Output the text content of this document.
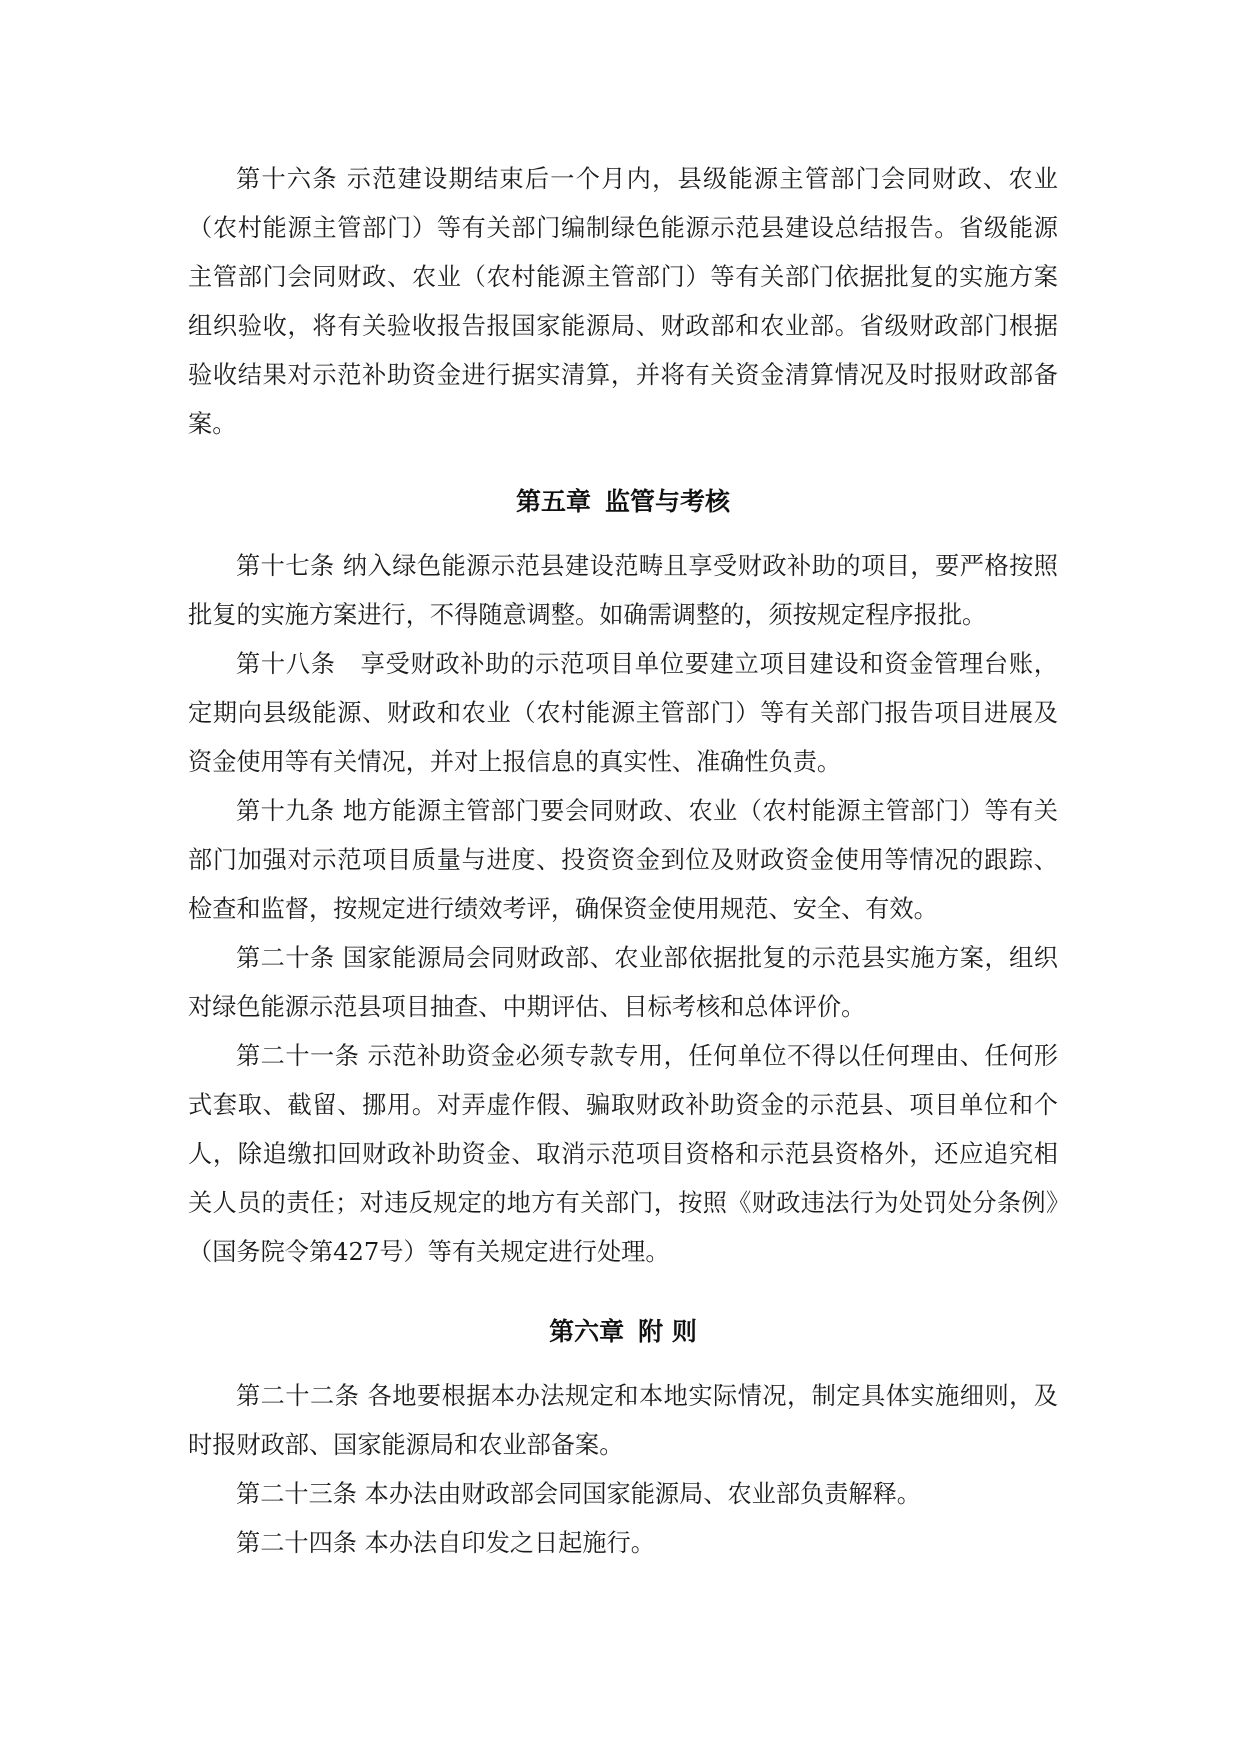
第十六条 示范建设期结束后一个月内，县级能源主管部门会同财政、农业（农村能源主管部门）等有关部门编制绿色能源示范县建设总结报告。省级能源主管部门会同财政、农业（农村能源主管部门）等有关部门依据批复的实施方案组织验收，将有关验收报告报国家能源局、财政部和农业部。省级财政部门根据验收结果对示范补助资金进行据实清算，并将有关资金清算情况及时报财政部备案。

第五章 监管与考核

第十七条 纳入绿色能源示范县建设范畴且享受财政补助的项目，要严格按照批复的实施方案进行，不得随意调整。如确需调整的，须按规定程序报批。

第十八条　享受财政补助的示范项目单位要建立项目建设和资金管理台账，定期向县级能源、财政和农业（农村能源主管部门）等有关部门报告项目进展及资金使用等有关情况，并对上报信息的真实性、准确性负责。

第十九条 地方能源主管部门要会同财政、农业（农村能源主管部门）等有关部门加强对示范项目质量与进度、投资资金到位及财政资金使用等情况的跟踪、检查和监督，按规定进行绩效考评，确保资金使用规范、安全、有效。

第二十条 国家能源局会同财政部、农业部依据批复的示范县实施方案，组织对绿色能源示范县项目抽查、中期评估、目标考核和总体评价。

第二十一条 示范补助资金必须专款专用，任何单位不得以任何理由、任何形式套取、截留、挪用。对弄虚作假、骗取财政补助资金的示范县、项目单位和个人，除追缴扣回财政补助资金、取消示范项目资格和示范县资格外，还应追究相关人员的责任；对违反规定的地方有关部门，按照《财政违法行为处罚处分条例》（国务院令第427号）等有关规定进行处理。

第六章 附 则

第二十二条 各地要根据本办法规定和本地实际情况，制定具体实施细则，及时报财政部、国家能源局和农业部备案。

第二十三条 本办法由财政部会同国家能源局、农业部负责解释。

第二十四条 本办法自印发之日起施行。
